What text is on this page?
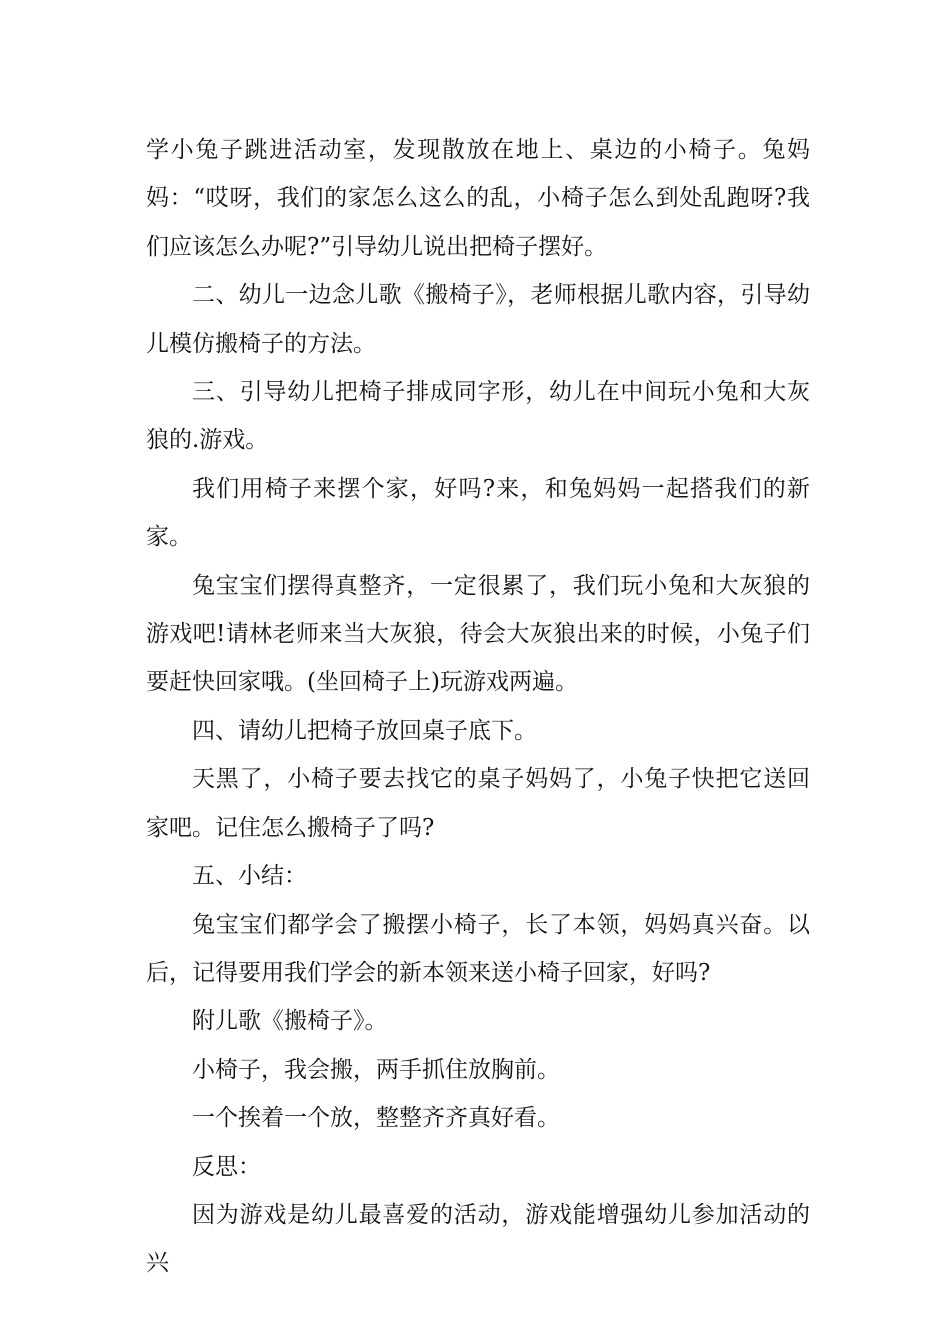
学小兔子跳进活动室，发现散放在地上、桌边的小椅子。兔妈妈：“哎呀，我们的家怎么这么的乱，小椅子怎么到处乱跑呀?我们应该怎么办呢?”引导幼儿说出把椅子摆好。

二、幼儿一边念儿歌《搬椅子》，老师根据儿歌内容，引导幼儿模仿搬椅子的方法。

三、引导幼儿把椅子排成同字形，幼儿在中间玩小兔和大灰狼的.游戏。

我们用椅子来摆个家，好吗?来，和兔妈妈一起搭我们的新家。

兔宝宝们摆得真整齐，一定很累了，我们玩小兔和大灰狼的游戏吧!请林老师来当大灰狼，待会大灰狼出来的时候，小兔子们要赶快回家哦。(坐回椅子上)玩游戏两遍。

四、请幼儿把椅子放回桌子底下。

天黑了，小椅子要去找它的桌子妈妈了，小兔子快把它送回家吧。记住怎么搬椅子了吗?

五、小结：

兔宝宝们都学会了搬摆小椅子，长了本领，妈妈真兴奋。以后，记得要用我们学会的新本领来送小椅子回家，好吗?

附儿歌《搬椅子》。

小椅子，我会搬，两手抓住放胸前。

一个挨着一个放，整整齐齐真好看。

反思：

因为游戏是幼儿最喜爱的活动，游戏能增强幼儿参加活动的兴
